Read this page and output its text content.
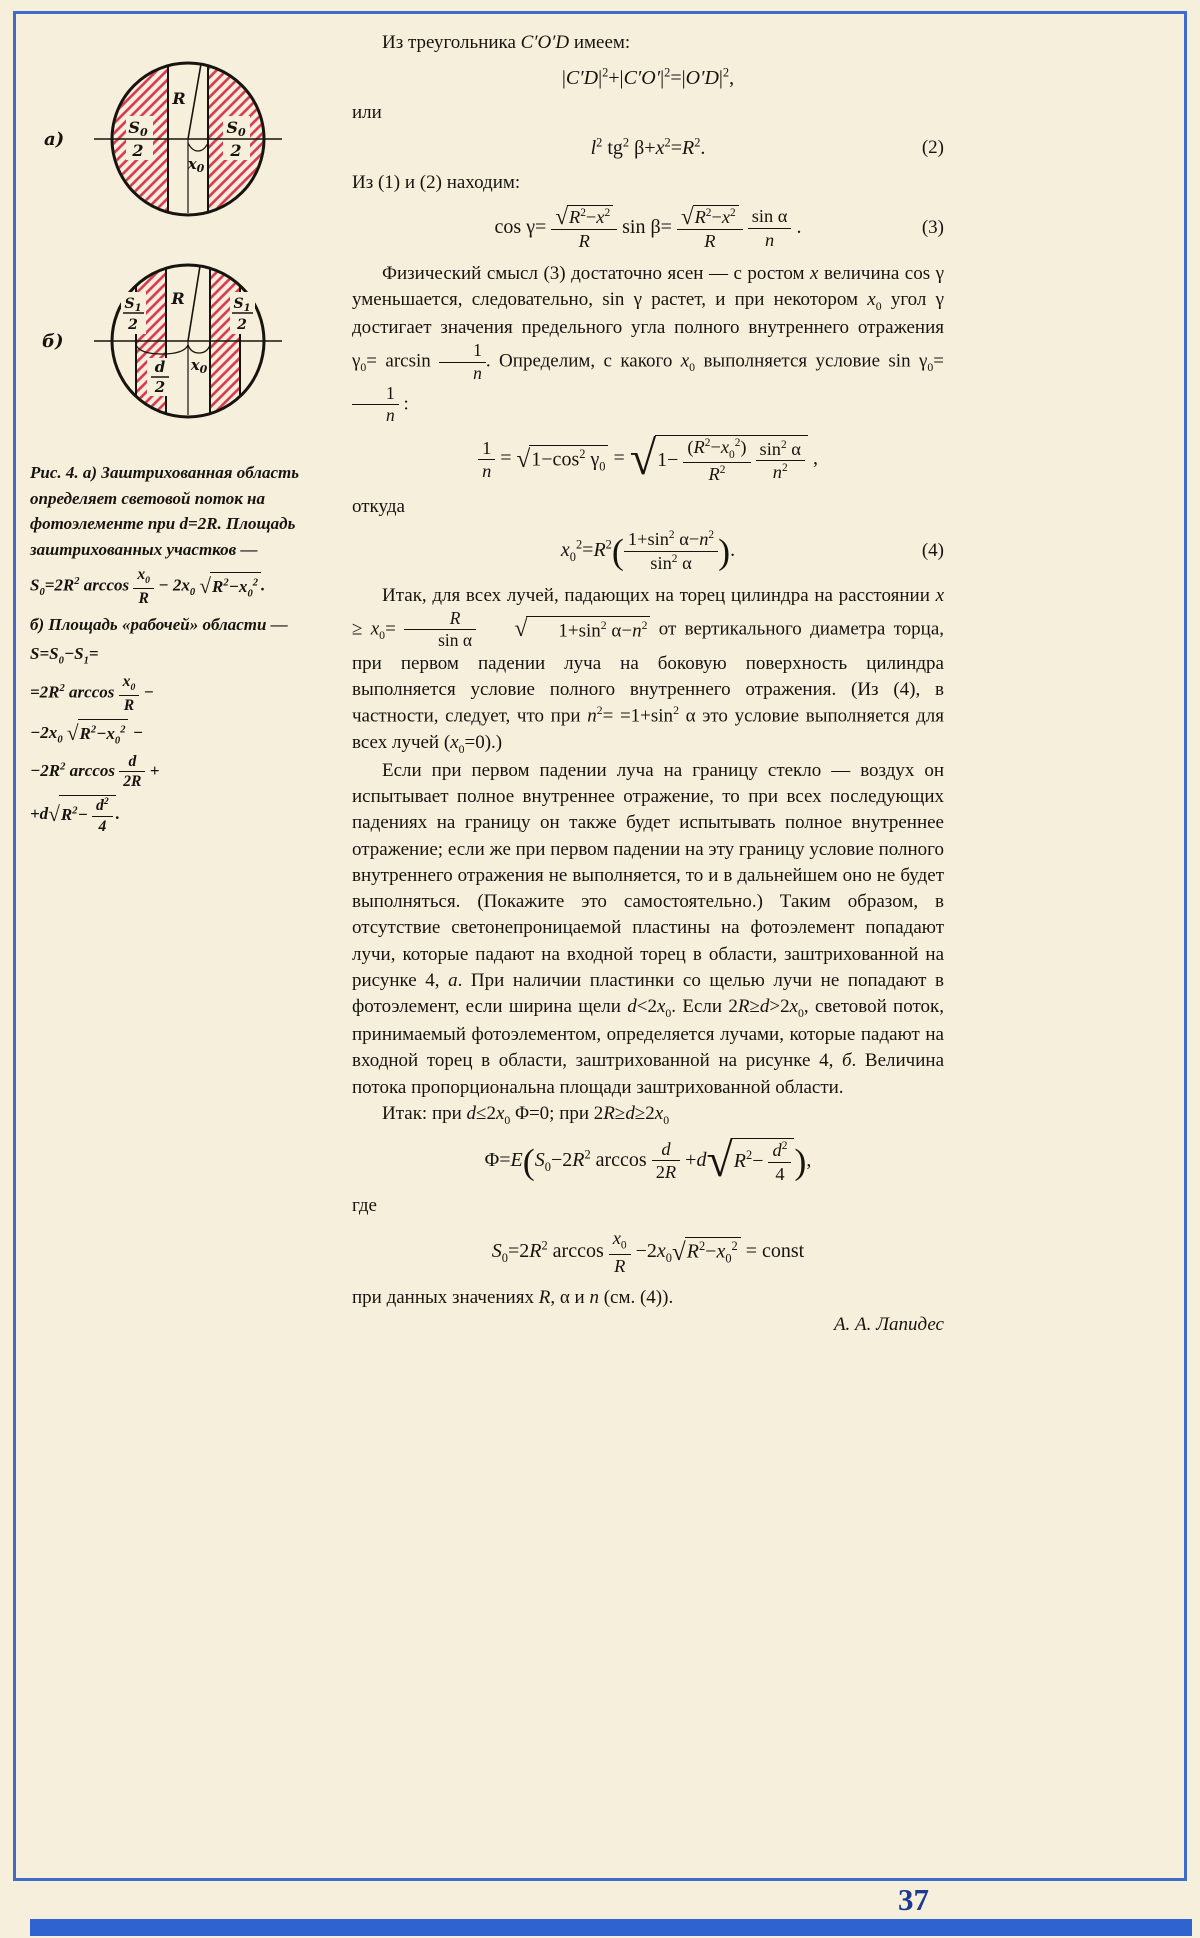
а)
R
S0
2
S0
2
$x_0$
б)
R
$S_1$
2
$S_1$
2
d
2
$x_0$

Рис. 4. а) Заштрихованная область определяет световой поток на фотоэлементе при d=2R. Площадь заштрихованных участков —

$S_0=2R^2$ $\arccos \frac{x_0}{R} - 2x_0$ √ $R^2-x_0^2$ .

б) Площадь «рабочей» области —

$S=S_0-S_1=$

$=2R^2$ $\arccos \frac{x_0}{R}$ −

$-2x_0$ √ $R^2-x_0^2$ −

$-2R^2$ $\arccos \frac{d}{2R}$ +

+d √ $R^2- \frac{d^2}{4}$ .

Из треугольника C′O′D имеем:

$|C'D|^2+|C'O'|^2=|O'D|^2$,

или

$l^2$ $tg^2$ $\beta+x^2=R^2$.	(2)

Из (1) и (2) находим:

$\cos \gamma= \frac{√ R^2-x^2}{R}$ $\sin \beta= \frac{√ R^2-x^2}{R}$
$\frac{\text{sin α}}{n}$ .	(3)

Физический смысл (3) достаточно ясен — с ростом x величина cos γ уменьшается, следовательно, sin γ растет, и при некотором $x_0$ угол γ достигает значения предельного угла полного внутреннего отражения $\gamma_0= \arcsin \frac{1}{n}$ . Определим, с какого $x_0$ выполняется условие $\sin \gamma_0=$
$\frac{1}{n}$ :

$\frac{1}{n}$ = √ $1-\cos^2$ $\gamma_0$ = √ $1- \frac{(R^2-x_0^2)}{R^2}$
$\frac{\sin^2 \alpha}{n^2}$ ,

откуда

$x_0^2=R^2( \frac{1+\sin^2 \alpha-n^2}{\sin^2 \alpha}$ ).	(4)

Итак, для всех лучей, падающих на торец цилиндра на расстоянии $x \ge x_0= \frac{R}{\text{sin α}}$
	√	$1+\sin^2$ $\alpha-n^2$ от вертикального диаметра торца, при первом падении луча на боковую поверхность цилиндра выполняется условие полного внутреннего отражения. (Из (4), в частности, следует, что при $n^2= =1+\sin^2$ α это условие выполняется для всех лучей $(x_0=0)$.)

Если при первом падении луча на границу стекло — воздух он испытывает полное внутреннее отражение, то при всех последующих падениях на границу он также будет испытывать полное внутреннее отражение; если же при первом падении на эту границу условие полного внутреннего отражения не выполняется, то и в дальнейшем оно не будет выполняться. (Покажите это самостоятельно.) Таким образом, в отсутствие светонепроницаемой пластины на фотоэлемент попадают лучи, которые падают на входной торец в области, заштрихованной на рисунке 4, а. При наличии пластинки со щелью лучи не попадают в фотоэлемент, если ширина щели $d<2x_0$. Если $2R\ge d>2x_0$, световой поток, принимаемый фотоэлементом, определяется лучами, которые падают на входной торец в области, заштрихованной на рисунке 4, б. Величина потока пропорциональна площади заштрихованной области.

Итак: при $d\le 2x_0$ Φ=0; при $2R\ge d\ge 2x_0$

$\Phi=E(S_0-2R^2$ $\arccos \frac{d}{2R} +d$ √ $R^2- \frac{d^2}{4}$ ),

где

$S_0=2R^2$ $\arccos \frac{x_0}{R} -2x_0$ √ $R^2-x_0^2$ = const

при данных значениях R, α и n (см. (4)).

А. А. Лапидес

37
